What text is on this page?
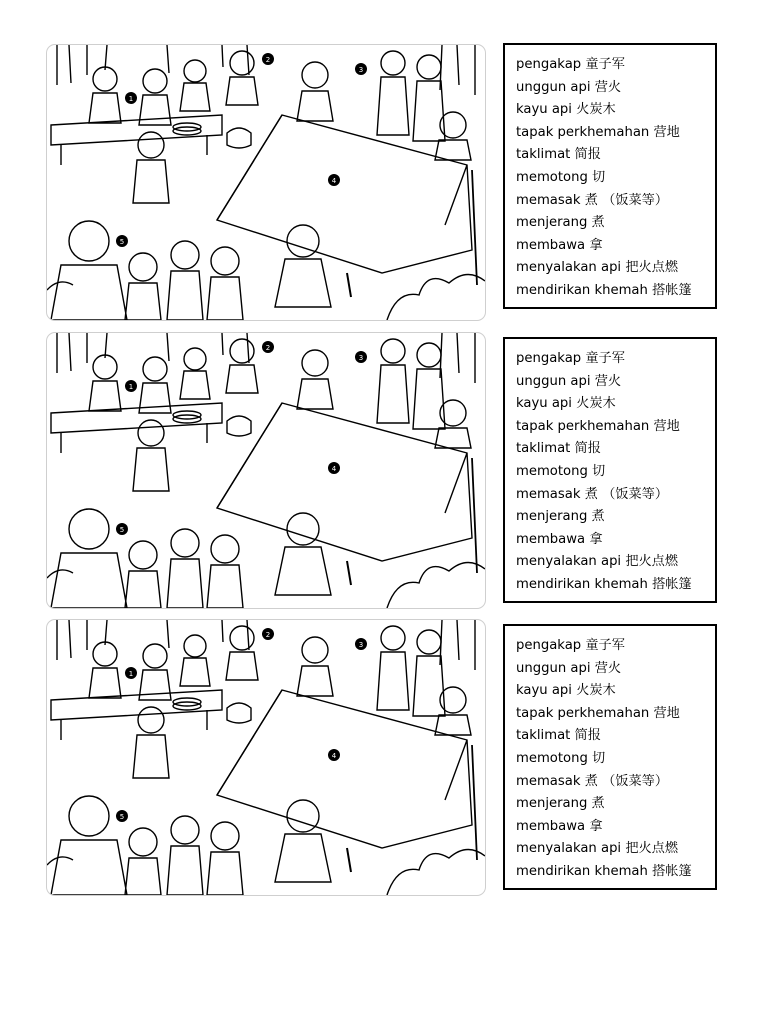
1
2
3
4
5
pengakap 童子军
unggun api 营火
kayu api 火炭木
tapak perkhemahan 营地
taklimat 简报
memotong 切
memasak 煮 （饭菜等）
menjerang 煮
membawa 拿
menyalakan api 把火点燃
mendirikan khemah 搭帐篷
1
2
3
4
5
pengakap 童子军
unggun api 营火
kayu api 火炭木
tapak perkhemahan 营地
taklimat 简报
memotong 切
memasak 煮 （饭菜等）
menjerang 煮
membawa 拿
menyalakan api 把火点燃
mendirikan khemah 搭帐篷
1
2
3
4
5
pengakap 童子军
unggun api 营火
kayu api 火炭木
tapak perkhemahan 营地
taklimat 简报
memotong 切
memasak 煮 （饭菜等）
menjerang 煮
membawa 拿
menyalakan api 把火点燃
mendirikan khemah 搭帐篷
